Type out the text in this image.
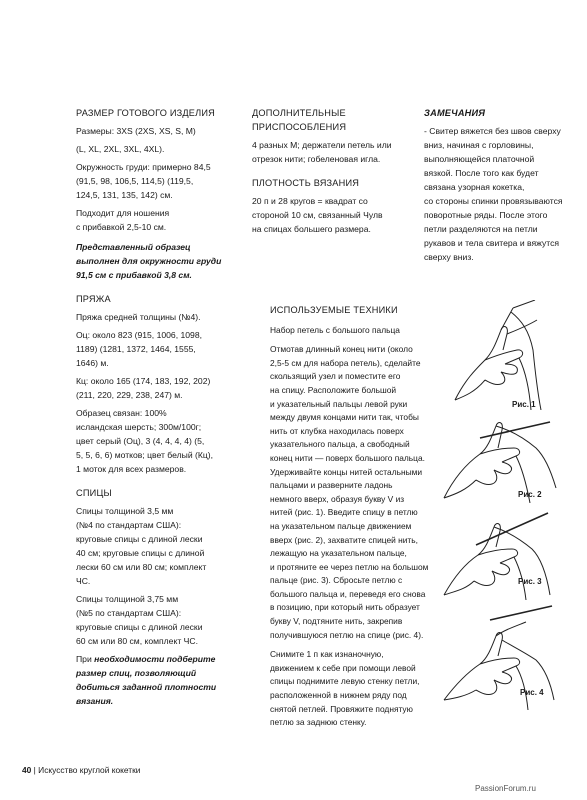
РАЗМЕР ГОТОВОГО ИЗДЕЛИЯ

Размеры: 3XS (2XS, XS, S, M)

(L, XL, 2XL, 3XL, 4XL).

Окружность груди: примерно 84,5
(91,5, 98, 106,5, 114,5) (119,5,
124,5, 131, 135, 142) см.

Подходит для ношения
с прибавкой 2,5-10 см.

Представленный образец
выполнен для окружности груди
91,5 см с прибавкой 3,8 см.

ПРЯЖА

Пряжа средней толщины (№4).

Оц: около 823 (915, 1006, 1098,
1189) (1281, 1372, 1464, 1555,
1646) м.

Кц: около 165 (174, 183, 192, 202)
(211, 220, 229, 238, 247) м.

Образец связан: 100%
исландская шерсть; 300м/100г;
цвет серый (Оц), 3 (4, 4, 4, 4) (5,
5, 5, 6, 6) мотков; цвет белый (Кц),
1 моток для всех размеров.

СПИЦЫ

Спицы толщиной 3,5 мм
(№4 по стандартам США):
круговые спицы с длиной лески
40 см; круговые спицы с длиной
лески 60 см или 80 см; комплект
ЧС.

Спицы толщиной 3,75 мм
(№5 по стандартам США):
круговые спицы с длиной лески
60 см или 80 см, комплект ЧС.

При необходимости подберите
размер спиц, позволяющий
добиться заданной плотности
вязания.

ДОПОЛНИТЕЛЬНЫЕ
ПРИСПОСОБЛЕНИЯ

4 разных М; держатели петель или
отрезок нити; гобеленовая игла.

ПЛОТНОСТЬ ВЯЗАНИЯ

20 п и 28 кругов = квадрат со
стороной 10 см, связанный Чулв
на спицах большего размера.

ЗАМЕЧАНИЯ

- Свитер вяжется без швов сверху
вниз, начиная с горловины,
выполняющейся платочной
вязкой. После того как будет
связана узорная кокетка,
со стороны спинки провязываются
поворотные ряды. После этого
петли разделяются на петли
рукавов и тела свитера и вяжутся
сверху вниз.

ИСПОЛЬЗУЕМЫЕ ТЕХНИКИ

Набор петель с большого пальца

Отмотав длинный конец нити (около
2,5-5 см для набора петель), сделайте
скользящий узел и поместите его
на спицу. Расположите большой
и указательный пальцы левой руки
между двумя концами нити так, чтобы
нить от клубка находилась поверх
указательного пальца, а свободный
конец нити — поверх большого пальца.
Удерживайте концы нитей остальными
пальцами и разверните ладонь
немного вверх, образуя букву V из
нитей (рис. 1). Введите спицу в петлю
на указательном пальце движением
вверх (рис. 2), захватите спицей нить,
лежащую на указательном пальце,
и протяните ее через петлю на большом
пальце (рис. 3). Сбросьте петлю с
большого пальца и, переведя его снова
в позицию, при который нить образует
букву V, подтяните нить, закрепив
получившуюся петлю на спице (рис. 4).

Снимите 1 п как изнаночную,
движением к себе при помощи левой
спицы поднимите левую стенку петли,
расположенной в нижнем ряду под
снятой петлей. Провяжите поднятую
петлю за заднюю стенку.

Рис. 1
Рис. 2
Рис. 3
Рис. 4
40 | Искусство круглой кокетки
PassionForum.ru
